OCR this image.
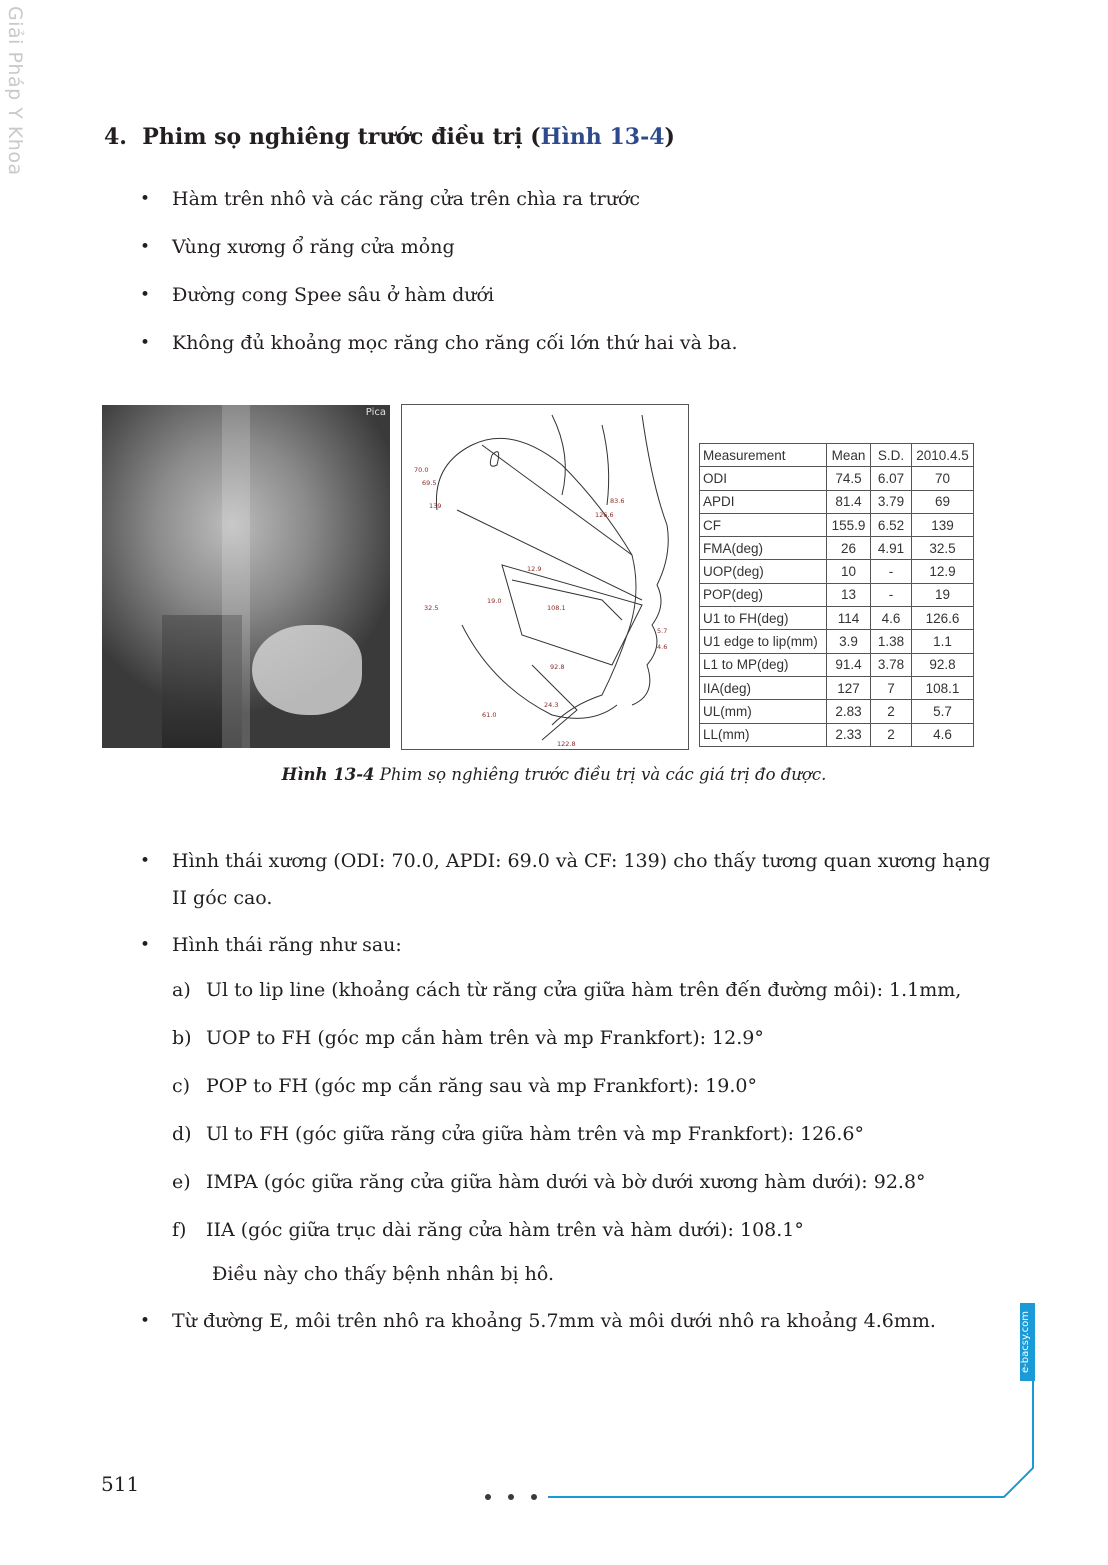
Giải Pháp Y Khoa	4. Phim sọ nghiêng trước điều trị (Hình 13-4)
• Hàm trên nhô và các răng cửa trên chìa ra trước
• Vùng xương ổ răng cửa mỏng
• Đường cong Spee sâu ở hàm dưới
• Không đủ khoảng mọc răng cho răng cối lớn thứ hai và ba.
Pica
70.0
69.5
139
83.6
126.6
32.5
19.0
12.9
108.1
92.8
24.3
61.0
5.7
4.6
122.8
Measurement	Mean	S.D.	2010.4.5
ODI	74.5	6.07	70
APDI	81.4	3.79	69
CF	155.9	6.52	139
FMA(deg)	26	4.91	32.5
UOP(deg)	10	-	12.9
POP(deg)	13	-	19
U1 to FH(deg)	114	4.6	126.6
U1 edge to lip(mm)	3.9	1.38	1.1
L1 to MP(deg)	91.4	3.78	92.8
IIA(deg)	127	7	108.1
UL(mm)	2.83	2	5.7
LL(mm)	2.33	2	4.6
Hình 13-4 Phim sọ nghiêng trước điều trị và các giá trị đo được.
• Hình thái xương (ODI: 70.0, APDI: 69.0 và CF: 139) cho thấy tương quan xương hạng II góc cao.
• Hình thái răng như sau:
a) Ul to lip line (khoảng cách từ răng cửa giữa hàm trên đến đường môi): 1.1mm,
b) UOP to FH (góc mp cắn hàm trên và mp Frankfort): 12.9°
c) POP to FH (góc mp cắn răng sau và mp Frankfort): 19.0°
d) Ul to FH (góc giữa răng cửa giữa hàm trên và mp Frankfort): 126.6°
e) IMPA (góc giữa răng cửa giữa hàm dưới và bờ dưới xương hàm dưới): 92.8°
f) IIA (góc giữa trục dài răng cửa hàm trên và hàm dưới): 108.1°
Điều này cho thấy bệnh nhân bị hô.
• Từ đường E, môi trên nhô ra khoảng 5.7mm và môi dưới nhô ra khoảng 4.6mm.	e-bacsy.com
511
